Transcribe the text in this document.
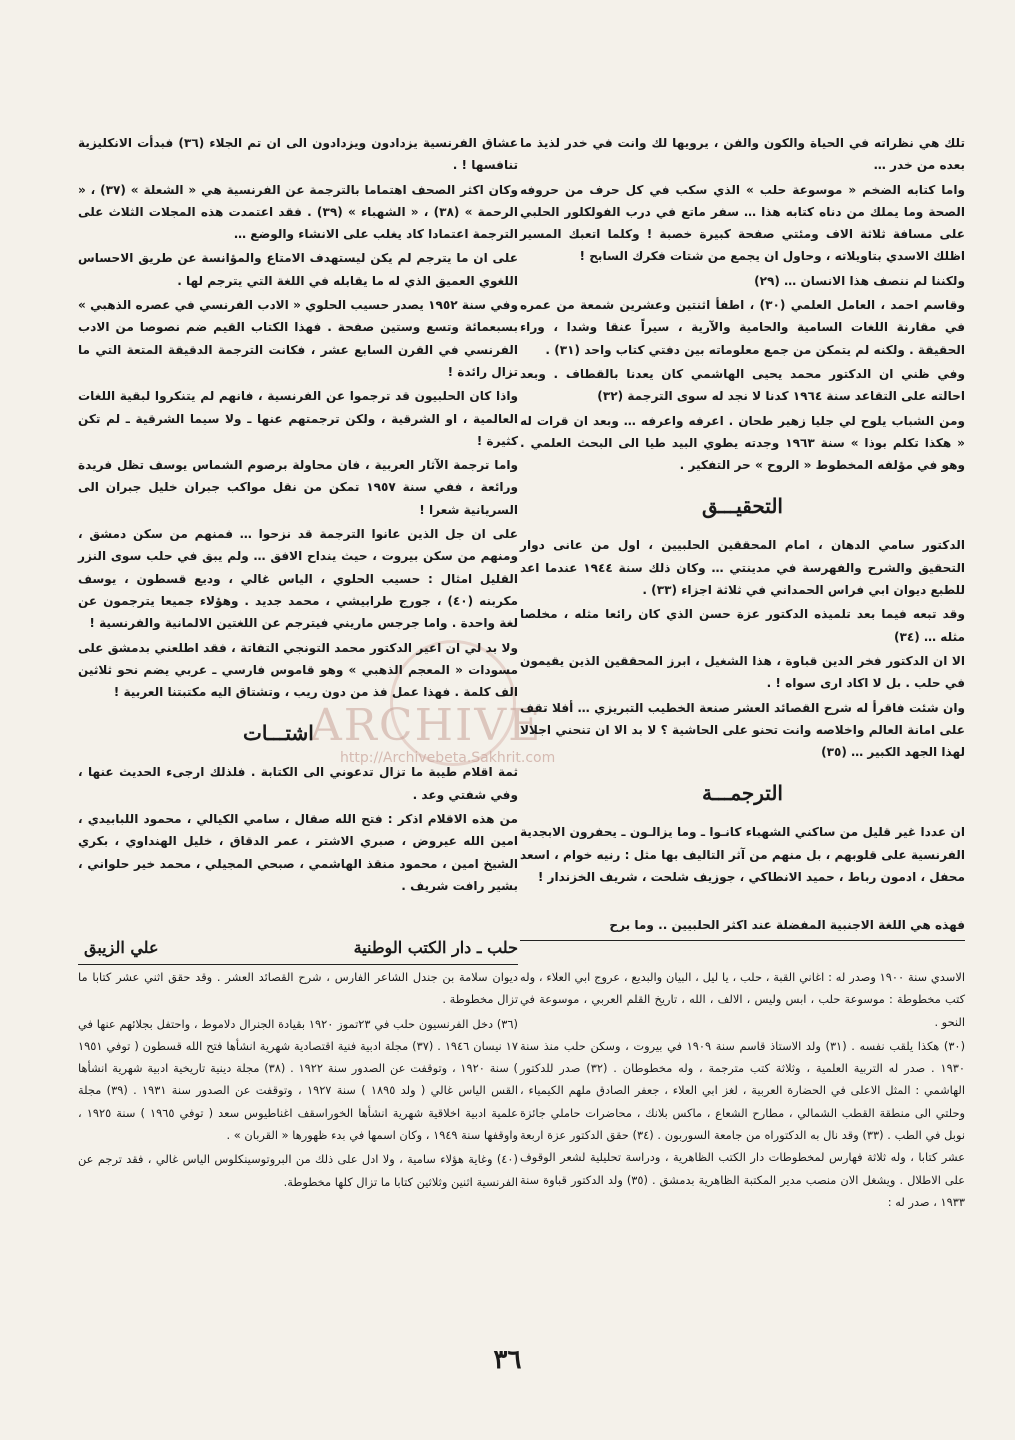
ARCHIVE
http://Archivebeta.Sakhrit.com

تلك هي نظراته في الحياة والكون والفن ، يرويها لك وانت في خدر لذيذ ما بعده من خدر …

واما كتابه الضخم « موسوعة حلب » الذي سكب في كل حرف من حروفه الصحة وما يملك من دناه كتابه هذا … سفر ماتع في درب الفولكلور الحلبي على مسافة ثلاثة الاف ومئتي صفحة كبيرة خصبة ! وكلما اتعبك المسير اظلك الاسدي بتاويلاته ، وحاول ان يجمع من شتات فكرك السابح !

ولكننا لم ننصف هذا الانسان … (٢٩)

وقاسم احمد ، العامل العلمي (٣٠) ، اطفأ اثنتين وعشرين شمعة من عمره في مقارنة اللغات السامية والحامية والآرية ، سيراً عنقا وشدا ، وراء الحقيقة . ولكنه لم يتمكن من جمع معلوماته بين دفتي كتاب واحد (٣١) .

وفي ظني ان الدكتور محمد يحيى الهاشمي كان يعدنا بالقطاف . وبعد احالته على التقاعد سنة ١٩٦٤ كدنا لا نجد له سوى الترجمة (٣٢)

ومن الشباب يلوح لي جليا زهير طحان . اعرفه واعرفه … وبعد ان قرات له « هكذا تكلم بوذا » سنة ١٩٦٣ وجدته يطوي البيد طيا الى البحث العلمي . وهو في مؤلفه المخطوط « الروح » حر التفكير .

التحقيـــق

الدكتور سامي الدهان ، امام المحققين الحلبيين ، اول من عانى دوار التحقيق والشرح والفهرسة في مدينتي … وكان ذلك سنة ١٩٤٤ عندما اعد للطبع ديوان ابي فراس الحمداني في ثلاثة اجزاء (٣٣) .

وقد تبعه فيما بعد تلميذه الدكتور عزة حسن الذي كان رائعا مثله ، مخلصا مثله … (٣٤)

الا ان الدكتور فخر الدين قباوة ، هذا الشغيل ، ابرز المحققين الذين يقيمون في حلب . بل لا اكاد ارى سواه ! .

وان شئت فاقرأ له شرح القصائد العشر صنعة الخطيب التبريزي … أفلا تقف على امانة العالم واخلاصه وانت تحنو على الحاشية ؟ لا بد الا ان تنحني اجلالا لهذا الجهد الكبير … (٣٥)

الترجمـــة

ان عددا غير قليل من ساكني الشهباء كانـوا ـ وما يزالـون ـ يحفرون الابجدية الفرنسية على قلوبهم ، بل منهم من آثر التاليف بها مثل : رنيه خوام ، اسعد محفل ، ادمون رباط ، حميد الانطاكي ، جوزيف شلحت ، شريف الخزندار !

فهذه هي اللغة الاجنبية المفضلة عند اكثر الحلبيين .. وما برح

عشاق الفرنسية يزدادون ويزدادون الى ان تم الجلاء (٣٦) فبدأت الانكليزية تنافسها ! .

وكان اكثر الصحف اهتماما بالترجمة عن الفرنسية هي « الشعلة » (٣٧) ، « الرحمة » (٣٨) ، « الشهباء » (٣٩) . فقد اعتمدت هذه المجلات الثلاث على الترجمة اعتمادا كاد يغلب على الانشاء والوضع …

على ان ما يترجم لم يكن ليستهدف الامتاع والمؤانسة عن طريق الاحساس اللغوي العميق الذي له ما يقابله في اللغة التي يترجم لها .

وفي سنة ١٩٥٢ يصدر حسيب الحلوي « الادب الفرنسي في عصره الذهبي » بسبعمائة وتسع وستين صفحة . فهذا الكتاب القيم ضم نصوصا من الادب الفرنسي في القرن السابع عشر ، فكانت الترجمة الدقيقة المتعة التي ما تزال رائدة !

واذا كان الحلبيون قد ترجموا عن الفرنسية ، فانهم لم يتنكروا لبقية اللغات العالمية ، او الشرقية ، ولكن ترجمتهم عنها ـ ولا سيما الشرقية ـ لم تكن كثيرة !

واما ترجمة الآثار العربية ، فان محاولة برصوم الشماس يوسف تظل فريدة ورائعة ، ففي سنة ١٩٥٧ تمكن من نقل مواكب جبران خليل جبران الى السريانية شعرا !

على ان جل الذين عانوا الترجمة قد نزحوا … فمنهم من سكن دمشق ، ومنهم من سكن بيروت ، حيث ينداح الافق … ولم يبق في حلب سوى النزر القليل امثال : حسيب الحلوي ، الياس غالي ، وديع قسطون ، يوسف مكربنه (٤٠) ، جورج طرابيشي ، محمد جديد . وهؤلاء جميعا يترجمون عن لغة واحدة . واما جرجس ماريني فيترجم عن اللغتين الالمانية والفرنسية !

ولا بد لي ان اعير الدكتور محمد التونجي التفاتة ، فقد اطلعني بدمشق على مسودات « المعجم الذهبي » وهو قاموس فارسي ـ عربي يضم نحو ثلاثين الف كلمة . فهذا عمل فذ من دون ريب ، وتشتاق اليه مكتبتنا العربية !

اشتـــات

ثمة اقلام طيبة ما تزال تدعوني الى الكتابة . فلذلك ارجىء الحديث عنها ، وفي شفتي وعد .

من هذه الاقلام اذكر : فتح الله صقال ، سامي الكيالي ، محمود اللبابيدي ، امين الله عيروض ، صبري الاشتر ، عمر الدقاق ، خليل الهنداوي ، بكري الشيخ امين ، محمود منقذ الهاشمي ، صبحي المجيلي ، محمد خير حلواني ، بشير رافت شريف .

حلب ـ دار الكتب الوطنية
علي الزيبق

ديوان سلامة بن جندل الشاعر الفارس ، شرح القصائد العشر . وقد حقق اثني عشر كتابا ما تزال مخطوطة .

(٣٦) دخل الفرنسيون حلب في ٢٣تموز ١٩٢٠ بقيادة الجنرال دلاموط ، واحتفل بجلائهم عنها في ١٧ نيسان ١٩٤٦ . (٣٧) مجلة ادبية فنية اقتصادية شهرية انشأها فتح الله قسطون ( توفي ١٩٥١ ) سنة ١٩٢٠ ، وتوقفت عن الصدور سنة ١٩٢٢ . (٣٨) مجلة دينية تاريخية ادبية شهرية انشأها القس الياس غالي ( ولد ١٨٩٥ ) سنة ١٩٢٧ ، وتوقفت عن الصدور سنة ١٩٣١ . (٣٩) مجلة علمية ادبية اخلاقية شهرية انشأها الخوراسقف اغناطيوس سعد ( توفي ١٩٦٥ ) سنة ١٩٢٥ ، واوقفها سنة ١٩٤٩ ، وكان اسمها في بدء ظهورها « القربان » .

(٤٠) وغاية هؤلاء سامية ، ولا ادل على ذلك من البروتوسينكلوس الياس غالي ، فقد ترجم عن الفرنسية اثنين وثلاثين كتابا ما تزال كلها مخطوطة.

الاسدي سنة ١٩٠٠ وصدر له : اغاني القبة ، حلب ، يا ليل ، البيان والبديع ، عروج ابي العلاء ، وله كتب مخطوطة : موسوعة حلب ، ابس وليس ، الالف ، الله ، تاريخ القلم العربي ، موسوعة في النحو .

(٣٠) هكذا يلقب نفسه . (٣١) ولد الاستاذ قاسم سنة ١٩٠٩ في بيروت ، وسكن حلب منذ سنة ١٩٣٠ . صدر له التربية العلمية ، وثلاثة كتب مترجمة ، وله مخطوطان . (٣٢) صدر للدكتور الهاشمي : المثل الاعلى في الحضارة العربية ، لغز ابي العلاء ، جعفر الصادق ملهم الكيمياء ، وحلتي الى منطقة القطب الشمالي ، مطارح الشعاع ، ماكس بلانك ، محاضرات حاملي جائزة نوبل في الطب . (٣٣) وقد نال به الدكتوراه من جامعة السوربون . (٣٤) حقق الدكتور عزة اربعة عشر كتابا ، وله ثلاثة فهارس لمخطوطات دار الكتب الظاهرية ، ودراسة تحليلية لشعر الوقوف على الاطلال . ويشغل الان منصب مدير المكتبة الظاهرية بدمشق . (٣٥) ولد الدكتور قباوة سنة ١٩٣٣ ، صدر له :

٣٦
